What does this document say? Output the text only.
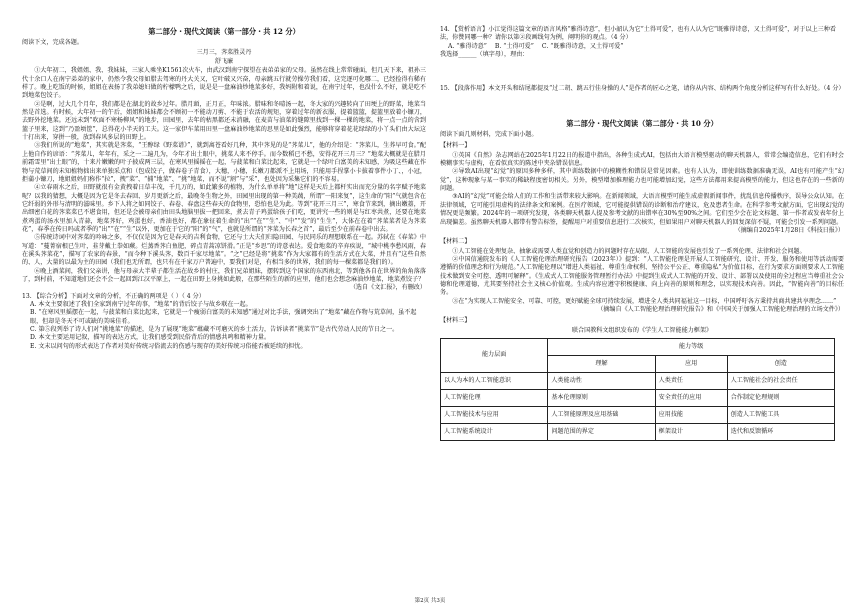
第二部分・现代文阅读（第一部分・共 12 分）
阅读下文，完成各题。
三月三，荠菜胜灵丹
舒飞廉
①大年初二，我姐姐、我、我妹妹，三家人乘坐K1561次火车，由武汉到南宁探望在表弟弟家的父母。虽然在线上常常碰面，但几天下来，祖孙三代十余口人在南宁弟弟的家中，仍然令我父母如腊去驾寒的丹大关又，它叶破又兴奋，母亲跳五行就劳操劳我们看，这完逐可化哪二，已经捡得有稀有样了。晚上吃饭的时候，姐姐在表扬了我弟媳妇做的柠檬鸭之后，说是是一盘麻油炒地菜多好，我妈附和着说，在南宁过年，也没什么不好，就是吃不到地菜包饺子。
②是啊，过大几个月年，我们都是在湖北的故乡过年。腊月頭，正月正，年味浓。腊味和冬晴汤一起，冬大家的兴趣转向了田埂上的野菜，地菜当然是首选。有时候，大年初一的午后，姐姐和妹妹都会不顾初一不能动刀剪、不能于农活的规矩，穿着过年的新衣服，提着篮篮，提篮里放着小镰刀，去野外挖地菜。还远未到“吹面不寒杨柳风”的地步，田园里，去年的枯黑都还未消融，在麦苗与油菜的缝隙里找到一棵一棵的地菜，将一点一点的含到篮子里来，这到“乃盈顷筐”，总得花小半天的工夫。这一家伊车菜用田里一盘麻油炒地菜的思里是如此强烈，能够将穿着花花绿绿的小丫头们由大坛这十打出来，穿拼一般，放到春风多层的田野上。
③我们所说的“地菜”，其实就是荠菜，“王醇绿《野菜谱》”，就到离苍看好几种，其中荠见的是“荠菜儿”，他的介绍是：“荠菜儿，生荞早可食。”配上他自作的谚语：“荠菜儿，年年有，采之一二遍几为，今年才出土眼中，挑菜人来不停手。而今数稻已不愁，安得花开三月三？”地菜大概就是在腊月前霜雪里“出土眼”的，十来片嫩嫩的叶子披成两三层，在寒风里摇摇在一起，与菠菜和白菜比起来，它就是一个绿叶白富美的未知感，为吸这些藏在作物与荒草间的未知植物拙出来单独采点和（包成饺子，做春卷子青食），大穗，小穗，长嫩刀都派不上用场，只能用手捏掌小卡拔着事件小丁、，小冠，拒蒲小镰刀，地姐姐妈们称作“拉”，拽“菜”、“捕“地菜”、“挑”地菜，而不说“割”与“采”，也处因为采集它们的不容易。
④立春雨水之后，田野就很有金黄拽着日草丰茂，千几万的，如此繁多的植物，为什么单单将“地”这样是天后上都杆实出而充分量的名字赋予地菜呢？以我的猜想，大概是因为它是冬去春回、岁月更新之后，最晚冬生物之外，田园里出现的第一种美蔬，所谓“一阳来复”，这生命的“阳”气就包含在它纤弱的外形与清明的滋味里。乡下人将之如同饺子、春卷、春盘这些春天的食物里，恐怕也是为此。等到“花开三月三”，寒食节来到，摘出嫩薹，开出细密白花的荠菜菜已不堪食用，但还是会被母亲们由田头地脑里拔一把回来，煮去青子鸡蛋给孩子们吃，更讲究一些的则是与红枣共煮，还要在地菜煮鸡蛋的汤水里加入青蒜，地菜荠好，鸡蛋也好，香油也好，都在象征着生命的“出”“在”“生”、“中”“发”的“生生”，大体在在着“荠菜菜者是为荠菜花”，春季在传日吗或者季的“出”“在”“生”以外，更加在于它的“阳”的“气”，也就是所谓的“荠菜为长春之首”，最后至少在前春卷中出去。
⑤传统诗词中对荠菜的吟咏之多，不仅仅是因为它是春天的吉利食物，它还与士大夫们归隐田园、与民同乐的理想联系在一起。苏轼在《春菜》中写道：“蔓菁宿根已生叶，韭芽戴土拳如蕨。烂蒸香荠白鱼肥，碎点青蒿凉饼滑。”正是“乡思”的诗意表达。爱食地菜的辛弃疾说，“城中桃李愁风雨，春在溪头荠菜花”，描写了农家的春景，“而今种下溪头荠，数百千家尽地菜”。“之”已经是将“挑菜”作为大家都有的生活方式在大菜，并且有“这些自然的、人，大量的以最为主的田园（我们也无所谓，也只有在千家万户普遍中，要我们对是，有相当多的世界，我们的每一棵菜都是我们的）。
⑥晚上酒菜间，我们父亲讲，他与母亲大半辈子都生活在故乡的村庄，我们兄弟姐妹，摆转到这个国家的东西南北，等到他各自在世界的角角落落了，到村前，不知道地们还会不会一起回到江汉平原上，一起在田野上身挑如此般，在那些陌生的新的应里，他们也会想念麻油炒地菜，地菜煮饺子？
（选自《文汇报》，有删改）
13. 【综合分析】下面对文章的分析，不正确的两项是（ ）（ 4 分）
A. 本文主要叙述了我们全家到南宁过年的事，“地菜”的背后饺子与故乡联在一起。
B. “在寒风里摇摆在一起，与菠菜和白菜比起来，它就是一个瘦弱白富美的未知感”通过对比手法，强调突出了“地菜”藏在作物与荒草间，虽不起眼，但却是冬天不可或缺的美味佳肴。
C. 第⑤段列举了诗人们对“挑地菜”的描述，是为了展现“地菜”蕴藏不可磨灭的乡土活力，告诉读者“挑菜节”是古代劳动人民的节日之一。
D. 本文主要运用记叙，描写的表达方式，让我们感受到民俗背后的情感共鸣和精神力量。
E. 文末以问句的形式表达了作者对美好传统习俗流去的伤感与现存的美好传统习俗能否被延续的担忧。
14. 【赏析语言】小江觉得这篇文章的语言风格“雅得诗意”，但小韶认为它“土得可爱”，也有人认为它“既雅得诗意，又土得可爱”，对于以上三种看法，你赞同哪一种？请你以第②段画线句为例，阐明你的观点。（4 分）
A. “雅得诗意”  B. “土得可爱”  C. “既雅得诗意，又土得可爱”
我选择______（填字母），理由：
15. 【段落作用】本文开头和结尾都提及“过二胡、跳五行佳身操的人”是作者的匠心之笔，请你从内容、结构两个角度分析这样写有什么好处。（4 分）
第二部分・现代文阅读（第二部分・共 10 分）
阅读下面几则材料，完成下面小题。
【材料一】
①英国《自然》杂志网站在2025年1月22日的报道中指出，各种生成式AI，包括由大语言模型驱动的聊天机器人，常常会编造信息，它们有时会模糊事实与虚构，在看似真实的陈述中夹杂错误信息。
②导致AI出现“幻觉”的原因多种多样，其中训练数据中的模糊性和错误是常见因素。也有人认为，即使训练数据准确无误，AI也有可能产生“幻觉”，这种现象与某一事实的稀缺程度密切相关。另外，模型增加推理能力也可能增加幻觉，这些方法都用来提高模型的能力，但这也存在的一些新的问题。
③AI的“幻觉”可能会给人们的工作和生活带来较大影响。在新闻领域，大语言模型可能生成虚假新闻事件，扰乱信息传播秩序，误导公众认知。在法律领域，它可能引用虚构的法律条文和案例。在医疗领域，它可能提供错误的诊断和治疗建议，危及患者生命。在科学参考文献方面，它出现幻觉的情况更是频繁。2024年的一项研究发现，各类聊天机器人提及参考文献的出错率在30%至90%之间。它们至少会在论文标题、第一作者或发表年份上出现偏差。虽然聊天机器人都带有警告标签，提醒用户对重要信息进行二次核实，但如果用户对聊天机器人的回复深信不疑，可能会引发一系列问题。
（摘编自2025年1月28日《科技日报》）
【材料二】
①人工智能在处理复杂、抽象或需要人类直觉和创造力的问题时存在局限，人工智能的发展也引发了一系列伦理、法律和社会问题。
②中国信通院发布的《人工智能伦理治理研究报告（2023年）》提到：“人工智能伦理是开展人工智能研究、设计、开发、服务和使用等活动需要遵循的价值理念和行为规范。”人工智能伦理以“增进人类福祉、尊重生命权利、坚持公平公正、尊重隐私”为价值目标，在行为要求方面则要求人工智能技术做到安全可控、透明可解释”。《生成式人工智能服务管理暂行办法》中提到生成式人工智能的开发、设计、部署以及使用的全过程应当尊重社会公德和伦理道德，尤其要坚持社会主义核心价值观。生成内容应遵守积极健康、向上向善的原则和理念，以实现技术向善。因此，“智能向善”的目标任务。
③在“为实现人工智能安全、可靠、可控，更好赋能全球可持续发展，增进全人类共同福祉这一目标，中国呼吁各方秉持共商共建共享理念……”
（摘编自《人工智能伦理治理研究报告》和《中国关于加强人工智能伦理治理的立场文件》）
【材料三】
联合国教科文组织发布的《学生人工智能能力框架》
能力层面	能力等级		
	理解	应用	创造
以人为本的人工智能意识	人类能动性	人类责任	人工智能社会的社会责任
人工智能伦理	基本伦理原则	安全责任的应用	合作制定伦理规则
人工智能技术与应用	人工智能原理及应用基础	应用技能	创造人工智能工具
人工智能系统设计	问题范围的界定	框架设计	迭代和反馈循环
第2页 共3页
